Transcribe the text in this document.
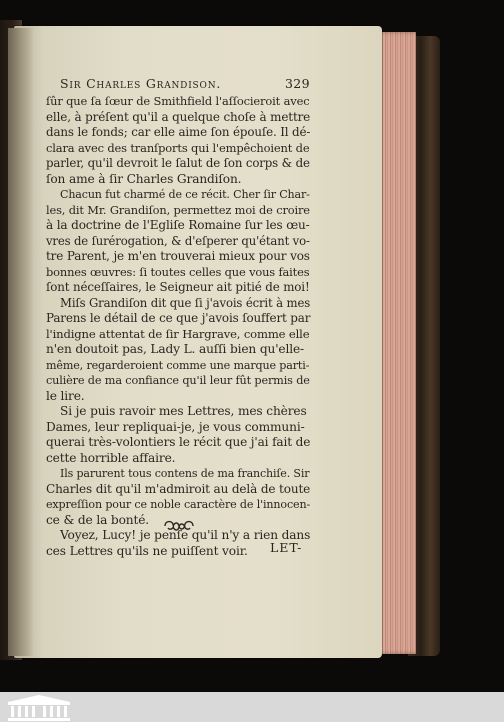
Sir Charles Grandison.	329
ſûr que ſa ſœur de Smithfield l'aſſocieroit avec
elle, à préſent qu'il a quelque choſe à mettre
dans le fonds; car elle aime ſon épouſe. Il dé-
clara avec des tranſports qui l'empêchoient de
parler, qu'il devroit le ſalut de ſon corps & de
ſon ame à ſir Charles Grandiſon.
Chacun fut charmé de ce récit. Cher ſir Char-
les, dit Mr. Grandiſon, permettez moi de croire
à la doctrine de l'Egliſe Romaine ſur les œu-
vres de ſurérogation, & d'eſperer qu'étant vo-
tre Parent, je m'en trouverai mieux pour vos
bonnes œuvres: ſi toutes celles que vous faites
ſont néceſſaires, le Seigneur ait pitié de moi!
Miſs Grandiſon dit que ſi j'avois écrit à mes
Parens le détail de ce que j'avois ſouffert par
l'indigne attentat de ſir Hargrave, comme elle
n'en doutoit pas, Lady L. auſſi bien qu'elle-
même, regarderoient comme une marque parti-
culière de ma confiance qu'il leur fût permis de
le lire.
Si je puis ravoir mes Lettres, mes chères
Dames, leur repliquai-je, je vous communi-
querai très-volontiers le récit que j'ai fait de
cette horrible affaire.
Ils parurent tous contens de ma franchiſe. Sir
Charles dit qu'il m'admiroit au delà de toute
expreſſion pour ce noble caractère de l'innocen-
ce & de la bonté.
Voyez, Lucy! je penſe qu'il n'y a rien dans
ces Lettres qu'ils ne puiſſent voir.	LET-
